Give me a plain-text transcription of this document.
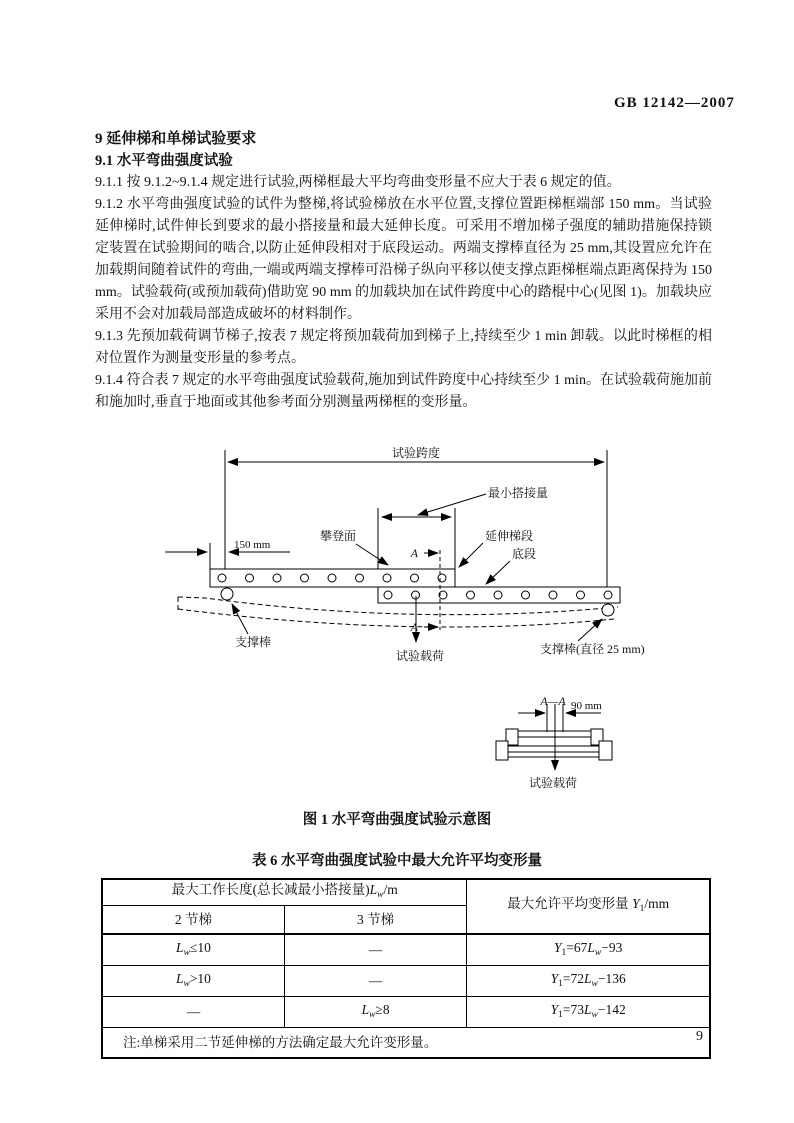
GB 12142—2007

9 延伸梯和单梯试验要求

9.1 水平弯曲强度试验

9.1.1 按 9.1.2~9.1.4 规定进行试验,两梯框最大平均弯曲变形量不应大于表 6 规定的值。

9.1.2 水平弯曲强度试验的试件为整梯,将试验梯放在水平位置,支撑位置距梯框端部 150 mm。当试验延伸梯时,试件伸长到要求的最小搭接量和最大延伸长度。可采用不增加梯子强度的辅助措施保持锁定装置在试验期间的啮合,以防止延伸段相对于底段运动。两端支撑棒直径为 25 mm,其设置应允许在加载期间随着试件的弯曲,一端或两端支撑棒可沿梯子纵向平移以使支撑点距梯框端点距离保持为 150 mm。试验载荷(或预加载荷)借助宽 90 mm 的加载块加在试件跨度中心的踏棍中心(见图 1)。加载块应采用不会对加载局部造成破坏的材料制作。

9.1.3 先预加载荷调节梯子,按表 7 规定将预加载荷加到梯子上,持续至少 1 min 卸载。以此时梯框的相对位置作为测量变形量的参考点。

9.1.4 符合表 7 规定的水平弯曲强度试验载荷,施加到试件跨度中心持续至少 1 min。在试验载荷施加前和施加时,垂直于地面或其他参考面分别测量两梯框的变形量。

试验跨度
最小搭接量
攀登面
150 mm
延伸梯段
底段
A
A
试验载荷
支撑棒	支撑棒(直径 25 mm)
A—A 90 mm
试验载荷
图 1 水平弯曲强度试验示意图
表 6 水平弯曲强度试验中最大允许平均变形量
最大工作长度(总长减最小搭接量)$L_w/m$		最大允许平均变形量 $Y_1/mm$
2 节梯	3 节梯	
$L_w\le 10$	—	$Y_1=67L_w-93$
$L_w>10$	—	$Y_1=72L_w-136$
—	$L_w\ge 8$	$Y_1=73L_w-142$
注:单梯采用二节延伸梯的方法确定最大允许变形量。			9
